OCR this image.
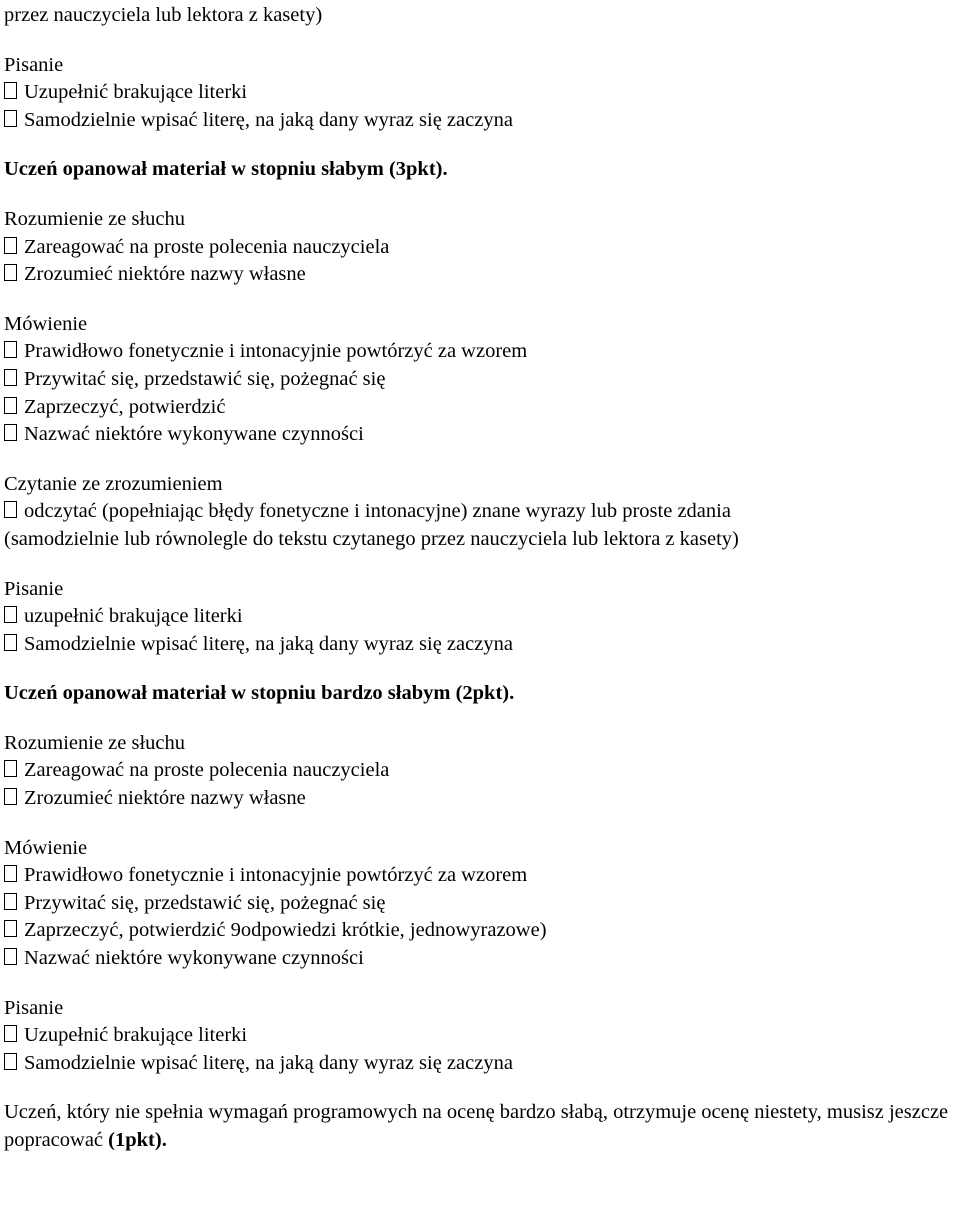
przez nauczyciela lub lektora z kasety)
Pisanie
Uzupełnić brakujące literki
Samodzielnie wpisać literę, na jaką dany wyraz się zaczyna
Uczeń opanował materiał w stopniu słabym (3pkt).
Rozumienie ze słuchu
Zareagować na proste polecenia nauczyciela
Zrozumieć niektóre nazwy własne
Mówienie
Prawidłowo fonetycznie i intonacyjnie powtórzyć za wzorem
Przywitać się, przedstawić się, pożegnać się
Zaprzeczyć, potwierdzić
Nazwać niektóre wykonywane czynności
Czytanie ze zrozumieniem
odczytać (popełniając błędy fonetyczne i intonacyjne) znane wyrazy lub proste zdania
(samodzielnie lub równolegle do tekstu czytanego przez nauczyciela lub lektora z kasety)
Pisanie
uzupełnić brakujące literki
Samodzielnie wpisać literę, na jaką dany wyraz się zaczyna
Uczeń opanował materiał w stopniu bardzo słabym (2pkt).
Rozumienie ze słuchu
Zareagować na proste polecenia nauczyciela
Zrozumieć niektóre nazwy własne
Mówienie
Prawidłowo fonetycznie i intonacyjnie powtórzyć za wzorem
Przywitać się, przedstawić się, pożegnać się
Zaprzeczyć, potwierdzić 9odpowiedzi krótkie, jednowyrazowe)
Nazwać niektóre wykonywane czynności
Pisanie
Uzupełnić brakujące literki
Samodzielnie wpisać literę, na jaką dany wyraz się zaczyna
Uczeń, który nie spełnia wymagań programowych na ocenę bardzo słabą, otrzymuje ocenę niestety, musisz jeszcze popracować (1pkt).
